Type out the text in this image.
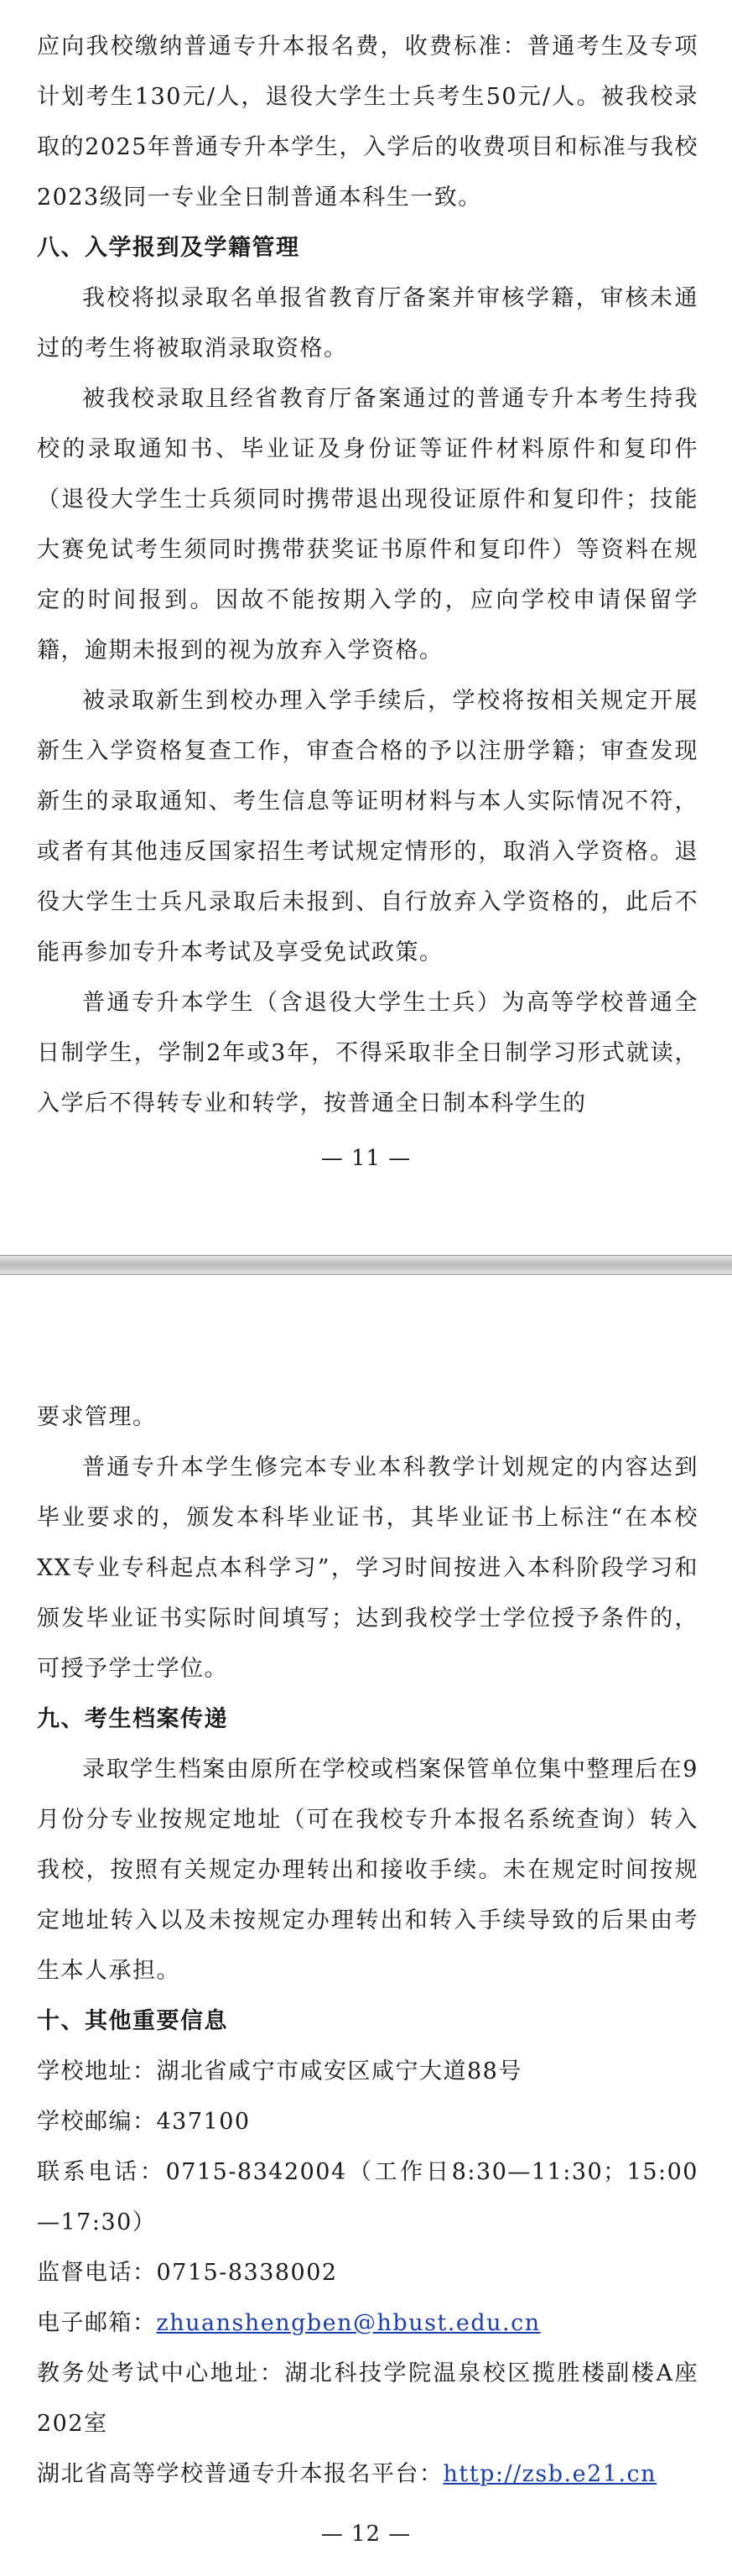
应向我校缴纳普通专升本报名费，收费标准：普通考生及专项计划考生130元/人，退役大学生士兵考生50元/人。被我校录取的2025年普通专升本学生，入学后的收费项目和标准与我校2023级同一专业全日制普通本科生一致。

八、入学报到及学籍管理

我校将拟录取名单报省教育厅备案并审核学籍，审核未通过的考生将被取消录取资格。

被我校录取且经省教育厅备案通过的普通专升本考生持我校的录取通知书、毕业证及身份证等证件材料原件和复印件（退役大学生士兵须同时携带退出现役证原件和复印件；技能大赛免试考生须同时携带获奖证书原件和复印件）等资料在规定的时间报到。因故不能按期入学的，应向学校申请保留学籍，逾期未报到的视为放弃入学资格。

被录取新生到校办理入学手续后，学校将按相关规定开展新生入学资格复查工作，审查合格的予以注册学籍；审查发现新生的录取通知、考生信息等证明材料与本人实际情况不符，或者有其他违反国家招生考试规定情形的，取消入学资格。退役大学生士兵凡录取后未报到、自行放弃入学资格的，此后不能再参加专升本考试及享受免试政策。

普通专升本学生（含退役大学生士兵）为高等学校普通全日制学生，学制2年或3年，不得采取非全日制学习形式就读，入学后不得转专业和转学，按普通全日制本科学生的

— 11 —

要求管理。

普通专升本学生修完本专业本科教学计划规定的内容达到毕业要求的，颁发本科毕业证书，其毕业证书上标注“在本校XX专业专科起点本科学习”，学习时间按进入本科阶段学习和颁发毕业证书实际时间填写；达到我校学士学位授予条件的，可授予学士学位。

九、考生档案传递

录取学生档案由原所在学校或档案保管单位集中整理后在9月份分专业按规定地址（可在我校专升本报名系统查询）转入我校，按照有关规定办理转出和接收手续。未在规定时间按规定地址转入以及未按规定办理转出和转入手续导致的后果由考生本人承担。

十、其他重要信息

学校地址：湖北省咸宁市咸安区咸宁大道88号

学校邮编：437100

联系电话：0715-8342004（工作日8:30—11:30；15:00—17:30）

监督电话：0715-8338002

电子邮箱：zhuanshengben@hbust.edu.cn

教务处考试中心地址：湖北科技学院温泉校区揽胜楼副楼A座202室

湖北省高等学校普通专升本报名平台：http://zsb.e21.cn

— 12 —
